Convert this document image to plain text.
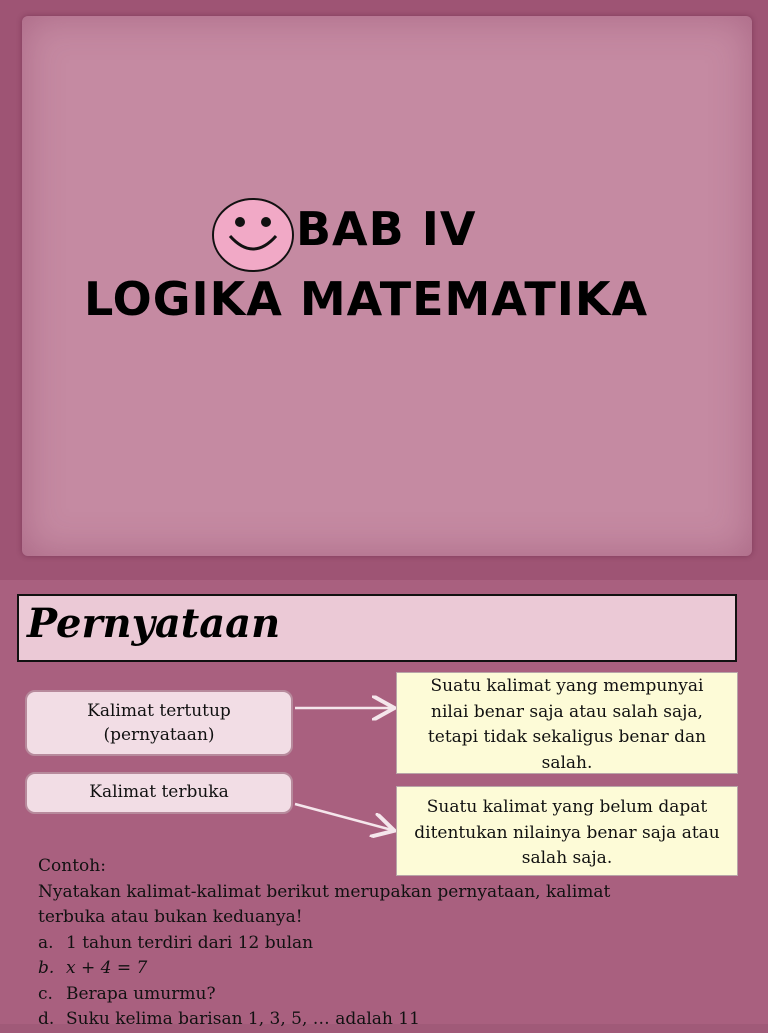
BAB IV
LOGIKA MATEMATIKA
Pernyataan
Kalimat tertutup
(pernyataan)
Kalimat terbuka
Suatu kalimat yang mempunyai
nilai benar saja atau salah saja,
tetapi tidak sekaligus benar dan
salah.
Suatu kalimat yang belum dapat
ditentukan nilainya benar saja atau
salah saja.
Contoh:
Nyatakan kalimat-kalimat berikut merupakan pernyataan, kalimat
terbuka atau bukan keduanya!
a. 1 tahun terdiri dari 12 bulan
b. x + 4 = 7
c. Berapa umurmu?
d. Suku kelima barisan 1, 3, 5, … adalah 11
